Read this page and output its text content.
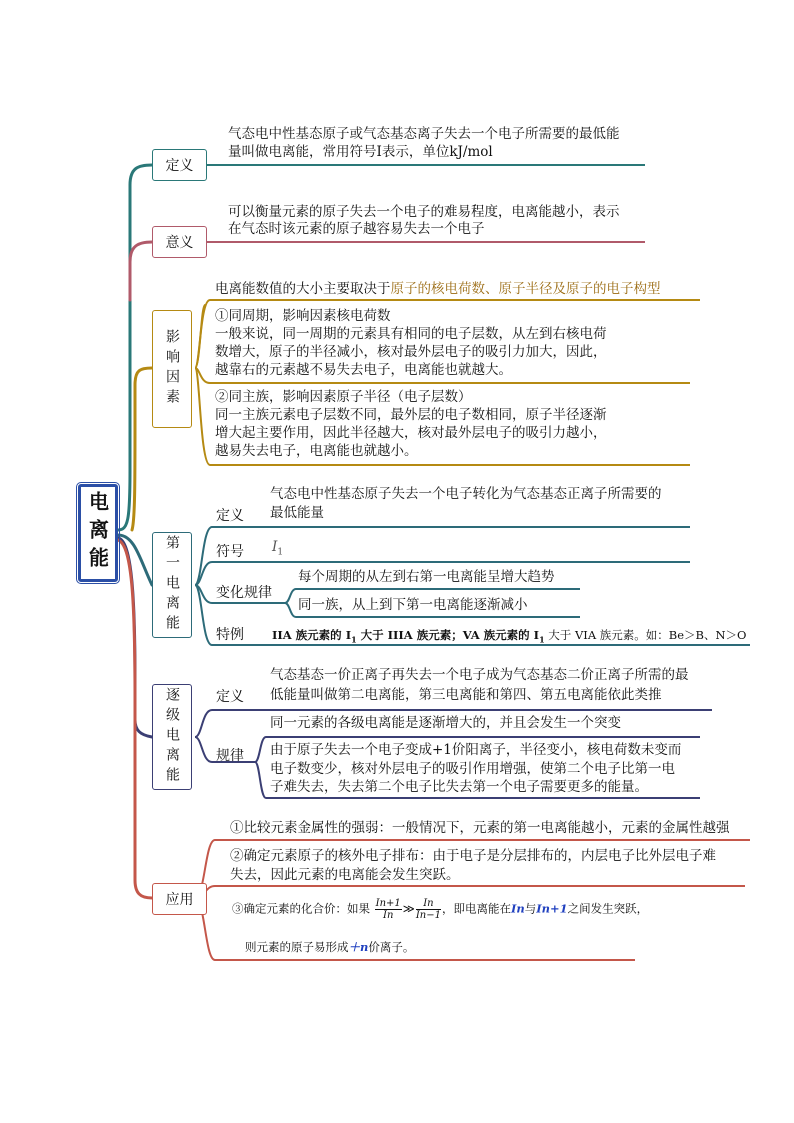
电离能
定义
气态电中性基态原子或气态基态离子失去一个电子所需要的最低能
量叫做电离能，常用符号I表示，单位kJ/mol
意义
可以衡量元素的原子失去一个电子的难易程度，电离能越小，表示
在气态时该元素的原子越容易失去一个电子
影响因素
电离能数值的大小主要取决于原子的核电荷数、原子半径及原子的电子构型
①同周期，影响因素核电荷数
一般来说，同一周期的元素具有相同的电子层数，从左到右核电荷
数增大，原子的半径减小，核对最外层电子的吸引力加大，因此，
越靠右的元素越不易失去电子，电离能也就越大。
②同主族，影响因素原子半径（电子层数）
同一主族元素电子层数不同，最外层的电子数相同，原子半径逐渐
增大起主要作用，因此半径越大，核对最外层电子的吸引力越小，
越易失去电子，电离能也就越小。
第一电离能
定义
气态电中性基态原子失去一个电子转化为气态基态正离子所需要的
最低能量
符号 $I_1$
变化规律
每个周期的从左到右第一电离能呈增大趋势
同一族，从上到下第一电离能逐渐减小
特例 IIA 族元素的 $I_1$ 大于 IIIA 族元素；VA 族元素的 $I_1$ 大于 VIA 族元素。如：Be＞B、N＞O
逐级电离能	定义
气态基态一价正离子再失去一个电子成为气态基态二价正离子所需的最
低能量叫做第二电离能，第三电离能和第四、第五电离能依此类推
规律
同一元素的各级电离能是逐渐增大的，并且会发生一个突变
由于原子失去一个电子变成+1价阳离子，半径变小，核电荷数未变而
电子数变少，核对外层电子的吸引作用增强，使第二个电子比第一电
子难失去，失去第二个电子比失去第一个电子需要更多的能量。
应用
①比较元素金属性的强弱：一般情况下，元素的第一电离能越小，元素的金属性越强
②确定元素原子的核外电子排布：由于电子是分层排布的，内层电子比外层电子难
失去，因此元素的电离能会发生突跃。
③确定元素的化合价：如果 $\frac{In+1}{In}$ ≫ $\frac{In}{In-1}$ ，即电离能在In与In+1之间发生突跃，
则元素的原子易形成＋n价离子。
